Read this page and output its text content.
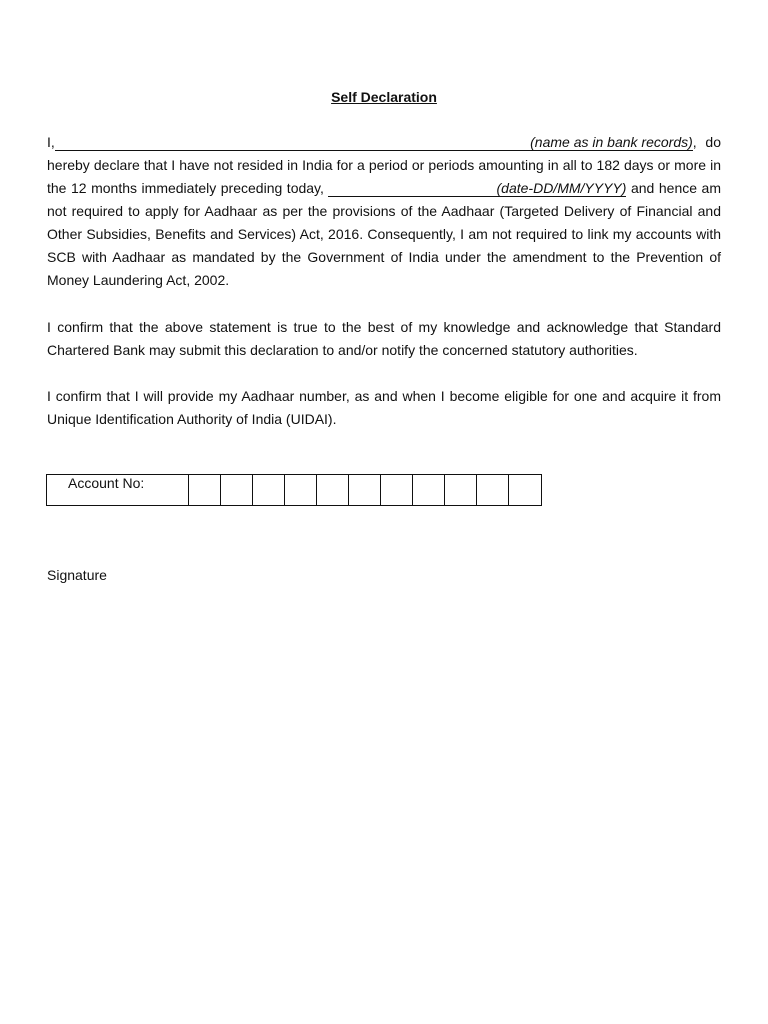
Self Declaration
I,	(name as in bank records), do hereby declare that I have not resided in India for a period or periods amounting in all to 182 days or more in the 12 months immediately preceding today,	(date-DD/MM/YYYY) and hence am not required to apply for Aadhaar as per the provisions of the Aadhaar (Targeted Delivery of Financial and Other Subsidies, Benefits and Services) Act, 2016. Consequently, I am not required to link my accounts with SCB with Aadhaar as mandated by the Government of India under the amendment to the Prevention of Money Laundering Act, 2002.
I confirm that the above statement is true to the best of my knowledge and acknowledge that Standard Chartered Bank may submit this declaration to and/or notify the concerned statutory authorities.
I confirm that I will provide my Aadhaar number, as and when I become eligible for one and acquire it from Unique Identification Authority of India (UIDAI).
Account No:
Signature
